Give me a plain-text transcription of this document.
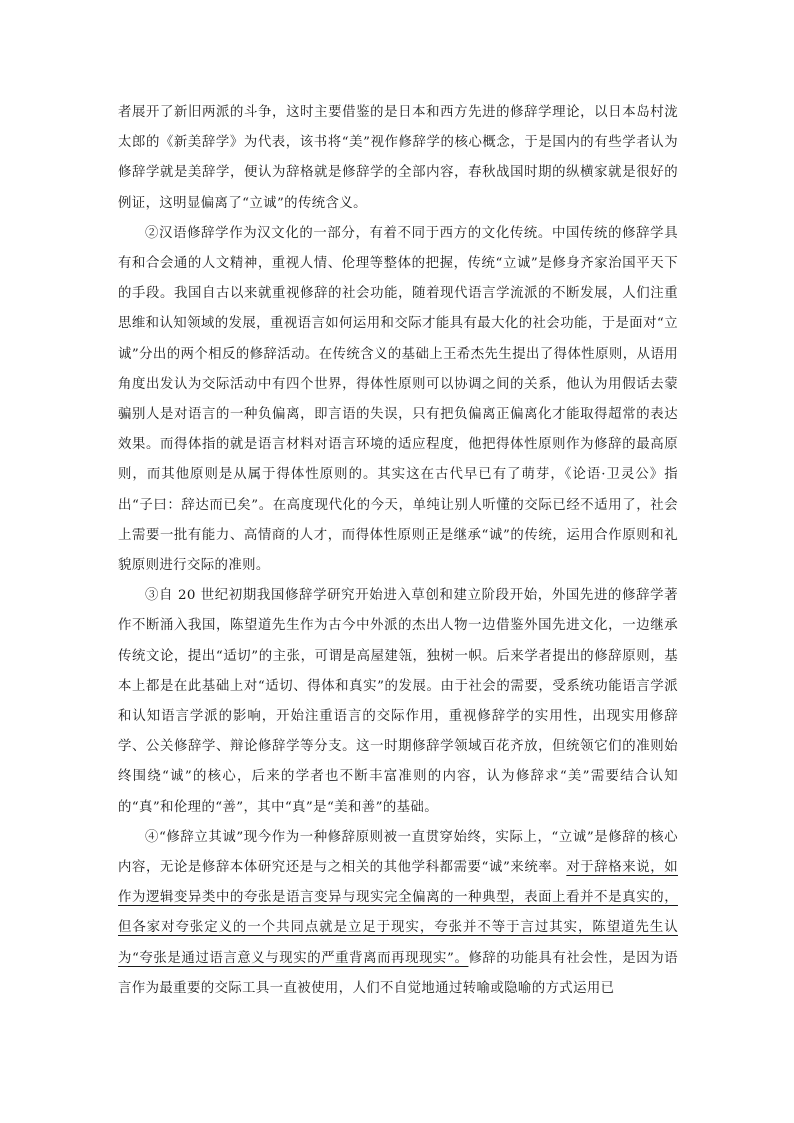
者展开了新旧两派的斗争，这时主要借鉴的是日本和西方先进的修辞学理论，以日本岛村泷太郎的《新美辞学》为代表，该书将“美”视作修辞学的核心概念，于是国内的有些学者认为修辞学就是美辞学，便认为辞格就是修辞学的全部内容，春秋战国时期的纵横家就是很好的例证，这明显偏离了“立诚”的传统含义。

②汉语修辞学作为汉文化的一部分，有着不同于西方的文化传统。中国传统的修辞学具有和合会通的人文精神，重视人情、伦理等整体的把握，传统“立诚”是修身齐家治国平天下的手段。我国自古以来就重视修辞的社会功能，随着现代语言学流派的不断发展，人们注重思维和认知领域的发展，重视语言如何运用和交际才能具有最大化的社会功能，于是面对“立诚”分出的两个相反的修辞活动。在传统含义的基础上王希杰先生提出了得体性原则，从语用角度出发认为交际活动中有四个世界，得体性原则可以协调之间的关系，他认为用假话去蒙骗别人是对语言的一种负偏离，即言语的失误，只有把负偏离正偏离化才能取得超常的表达效果。而得体指的就是语言材料对语言环境的适应程度，他把得体性原则作为修辞的最高原则，而其他原则是从属于得体性原则的。其实这在古代早已有了萌芽，《论语·卫灵公》指出“子曰：辞达而已矣”。在高度现代化的今天，单纯让别人听懂的交际已经不适用了，社会上需要一批有能力、高情商的人才，而得体性原则正是继承“诚”的传统，运用合作原则和礼貌原则进行交际的准则。

③自 20 世纪初期我国修辞学研究开始进入草创和建立阶段开始，外国先进的修辞学著作不断涌入我国，陈望道先生作为古今中外派的杰出人物一边借鉴外国先进文化，一边继承传统文论，提出“适切”的主张，可谓是高屋建瓴，独树一帜。后来学者提出的修辞原则，基本上都是在此基础上对“适切、得体和真实”的发展。由于社会的需要，受系统功能语言学派和认知语言学派的影响，开始注重语言的交际作用，重视修辞学的实用性，出现实用修辞学、公关修辞学、辩论修辞学等分支。这一时期修辞学领域百花齐放，但统领它们的准则始终围绕“诚”的核心，后来的学者也不断丰富准则的内容，认为修辞求“美”需要结合认知的“真”和伦理的“善”，其中“真”是“美和善”的基础。

④“修辞立其诚”现今作为一种修辞原则被一直贯穿始终，实际上，“立诚”是修辞的核心内容，无论是修辞本体研究还是与之相关的其他学科都需要“诚”来统率。对于辞格来说，如作为逻辑变异类中的夸张是语言变异与现实完全偏离的一种典型，表面上看并不是真实的，但各家对夸张定义的一个共同点就是立足于现实，夸张并不等于言过其实，陈望道先生认为“夸张是通过语言意义与现实的严重背离而再现现实”。修辞的功能具有社会性，是因为语言作为最重要的交际工具一直被使用，人们不自觉地通过转喻或隐喻的方式运用已
